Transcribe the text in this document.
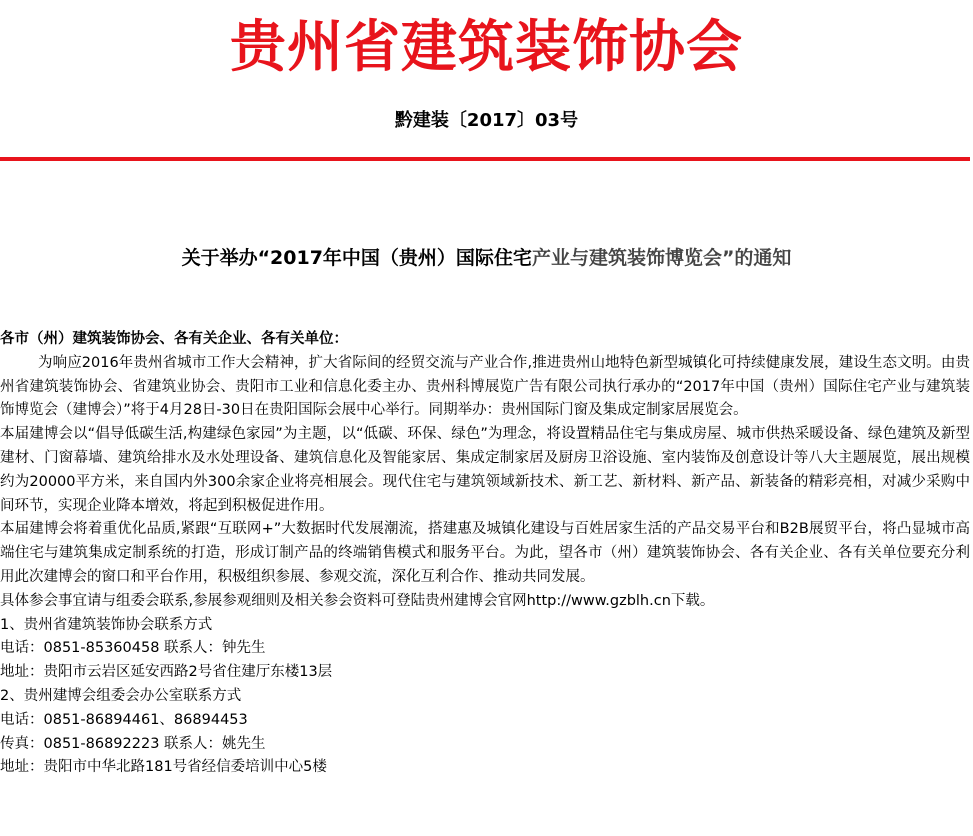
贵州省建筑装饰协会
黔建装〔2017〕03号
关于举办“2017年中国（贵州）国际住宅产业与建筑装饰博览会”的通知

各市（州）建筑装饰协会、各有关企业、各有关单位：

为响应2016年贵州省城市工作大会精神，扩大省际间的经贸交流与产业合作,推进贵州山地特色新型城镇化可持续健康发展，建设生态文明。由贵州省建筑装饰协会、省建筑业协会、贵阳市工业和信息化委主办、贵州科博展览广告有限公司执行承办的“2017年中国（贵州）国际住宅产业与建筑装饰博览会（建博会）”将于4月28日-30日在贵阳国际会展中心举行。同期举办：贵州国际门窗及集成定制家居展览会。

本届建博会以“倡导低碳生活,构建绿色家园”为主题，以“低碳、环保、绿色”为理念，将设置精品住宅与集成房屋、城市供热采暖设备、绿色建筑及新型建材、门窗幕墙、建筑给排水及水处理设备、建筑信息化及智能家居、集成定制家居及厨房卫浴设施、室内装饰及创意设计等八大主题展览，展出规模约为20000平方米，来自国内外300余家企业将亮相展会。现代住宅与建筑领域新技术、新工艺、新材料、新产品、新装备的精彩亮相，对减少采购中间环节，实现企业降本增效，将起到积极促进作用。

本届建博会将着重优化品质,紧跟“互联网+”大数据时代发展潮流，搭建惠及城镇化建设与百姓居家生活的产品交易平台和B2B展贸平台，将凸显城市高端住宅与建筑集成定制系统的打造，形成订制产品的终端销售模式和服务平台。为此，望各市（州）建筑装饰协会、各有关企业、各有关单位要充分利用此次建博会的窗口和平台作用，积极组织参展、参观交流，深化互利合作、推动共同发展。

具体参会事宜请与组委会联系,参展参观细则及相关参会资料可登陆贵州建博会官网http://www.gzblh.cn下载。

1、贵州省建筑装饰协会联系方式

电话：0851-85360458 联系人：钟先生

地址：贵阳市云岩区延安西路2号省住建厅东楼13层

2、贵州建博会组委会办公室联系方式

电话：0851-86894461、86894453

传真：0851-86892223 联系人：姚先生

地址：贵阳市中华北路181号省经信委培训中心5楼
